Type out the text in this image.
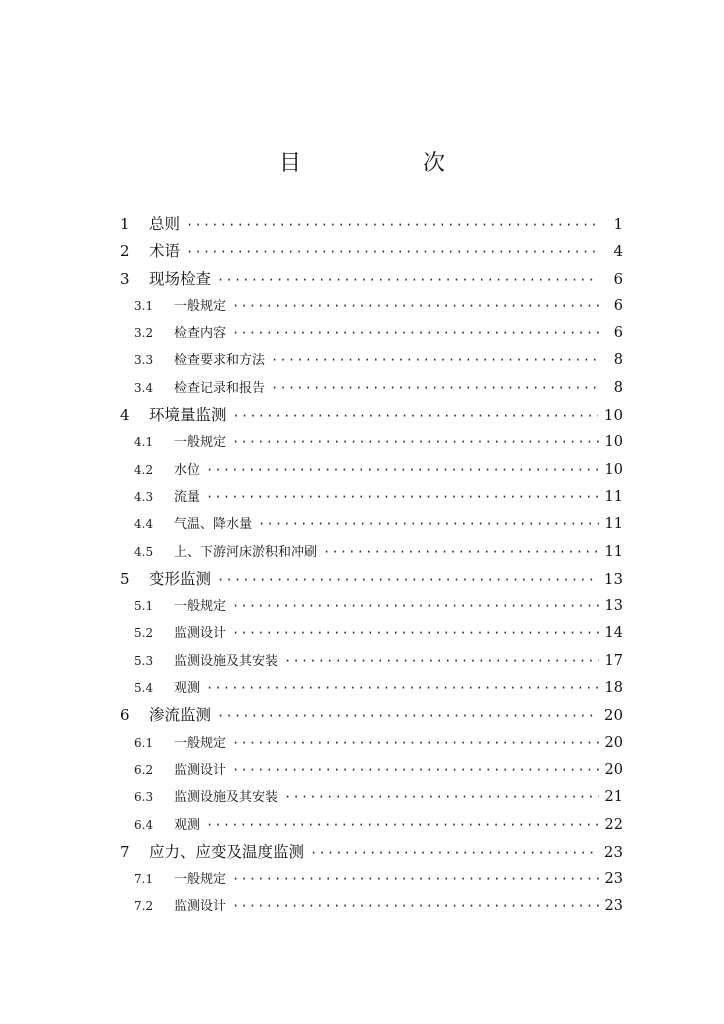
目　次
1	总则 ·····	1
2	术语 ·····	4
3	现场检查 ·····	6
3.1	一般规定 ·····	6
3.2	检查内容 ·····	6
3.3	检查要求和方法 ·····	8
3.4	检查记录和报告 ·····	8
4	环境量监测 ·····	10
4.1	一般规定 ·····	10
4.2	水位 ·····	10
4.3	流量 ·····	11
4.4	气温、降水量 ·····	11
4.5	上、下游河床淤积和冲刷 ·····	11
5	变形监测 ·····	13
5.1	一般规定 ·····	13
5.2	监测设计 ·····	14
5.3	监测设施及其安装 ·····	17
5.4	观测 ·····	18
6	渗流监测 ·····	20
6.1	一般规定 ·····	20
6.2	监测设计 ·····	20
6.3	监测设施及其安装 ·····	21
6.4	观测 ·····	22
7	应力、应变及温度监测 ·····	23
7.1	一般规定 ·····	23
7.2	监测设计 ·····	23
